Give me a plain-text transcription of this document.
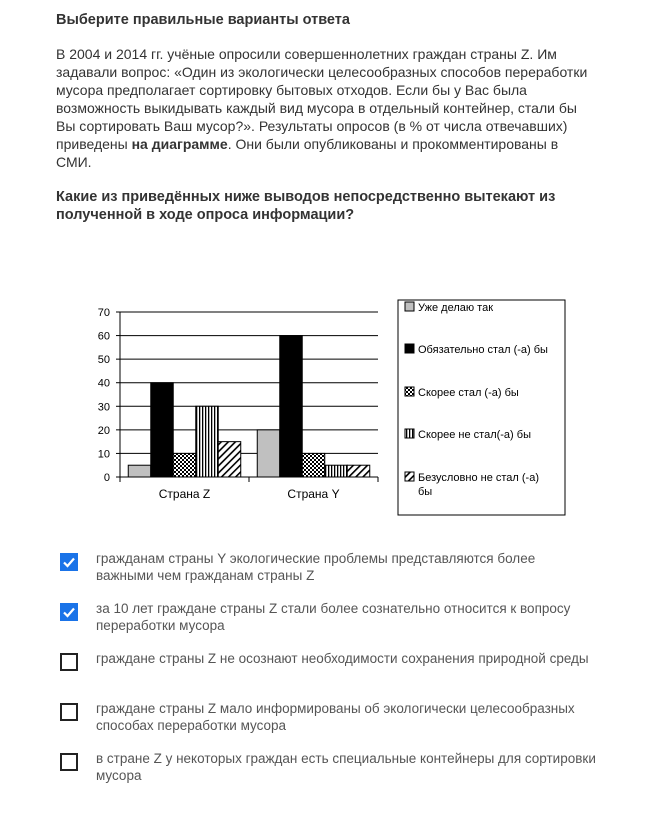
Выберите правильные варианты ответа
В 2004 и 2014 гг. учёные опросили совершеннолетних граждан страны Z. Им задавали вопрос: «Один из экологически целесообразных способов переработки мусора предполагает сортировку бытовых отходов. Если бы у Вас была возможность выкидывать каждый вид мусора в отдельный контейнер, стали бы Вы сортировать Ваш мусор?». Результаты опросов (в % от числа отвечавших) приведены на диаграмме. Они были опубликованы и прокомментированы в СМИ.
Какие из приведённых ниже выводов непосредственно вытекают из полученной в ходе опроса информации?
0
10
20
30
40
50
60
70
Страна Z	Страна Y
Уже делаю так
Обязательно стал (-а) бы
Скорее стал (-а) бы
Скорее не стал(-а) бы
Безусловно не стал (-а) бы
гражданам страны Y экологические проблемы представляются более важными чем гражданам страны Z
за 10 лет граждане страны Z стали более сознательно относится к вопросу переработки мусора
граждане страны Z не осознают необходимости сохранения природной среды
граждане страны Z мало информированы об экологически целесообразных способах переработки мусора
в стране Z у некоторых граждан есть специальные контейнеры для сортировки мусора
